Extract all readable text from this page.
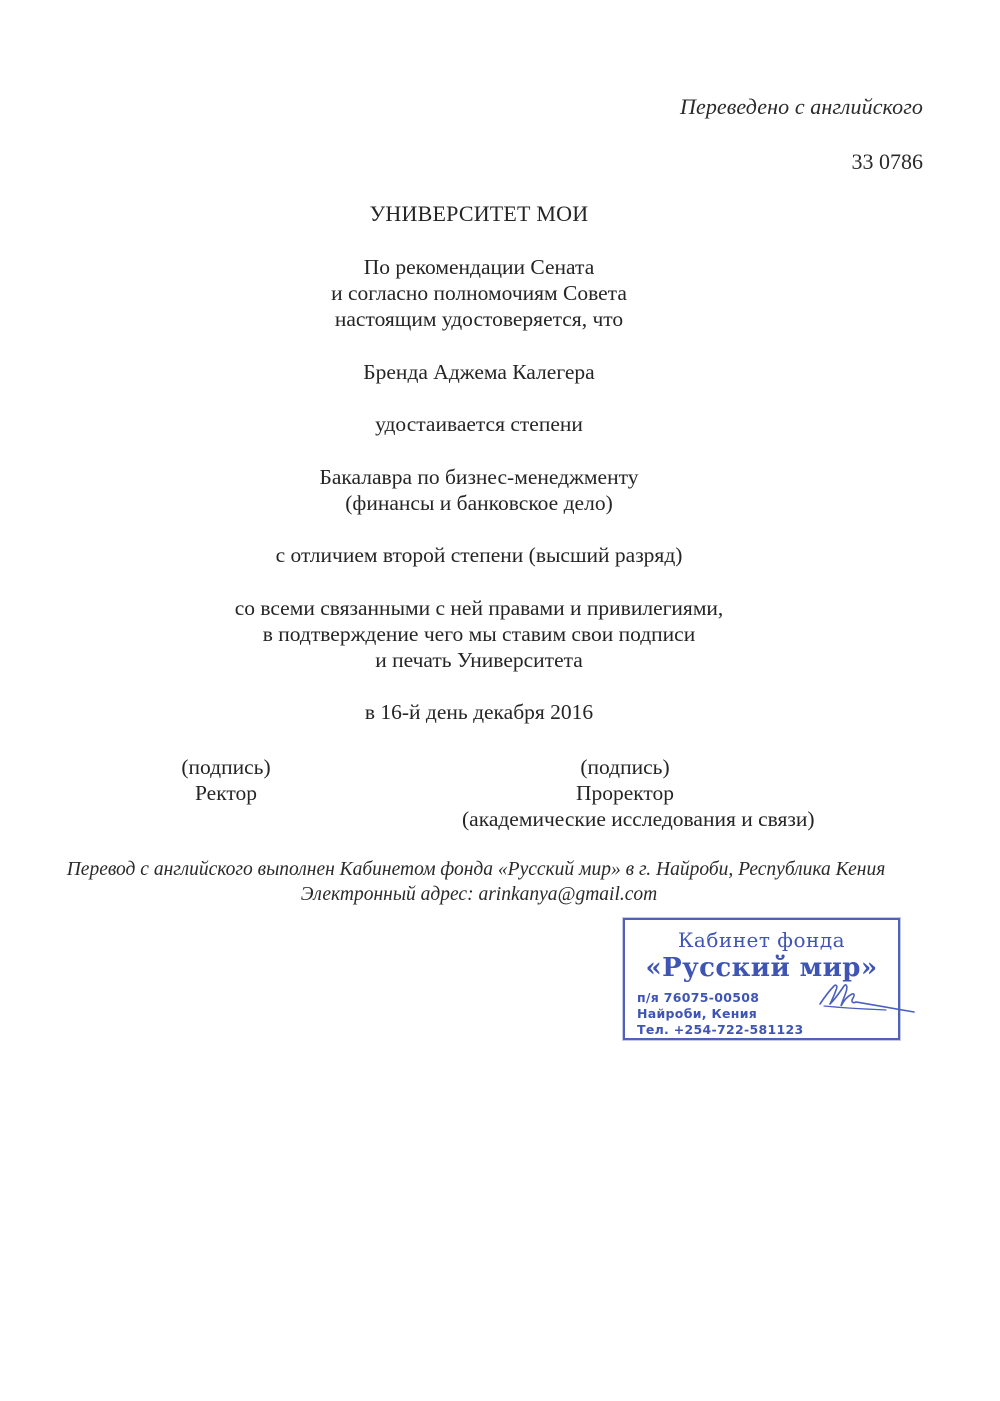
Переведено с английского
33 0786
УНИВЕРСИТЕТ МОИ
По рекомендации Сената
и согласно полномочиям Совета
настоящим удостоверяется, что
Бренда Аджема Калегера
удостаивается степени
Бакалавра по бизнес-менеджменту
(финансы и банковское дело)
с отличием второй степени (высший разряд)
со всеми связанными с ней правами и привилегиями,
в подтверждение чего мы ставим свои подписи
и печать Университета
в 16-й день декабря 2016
(подпись)
Ректор
(подпись)
Проректор
(академические исследования и связи)
Перевод с английского выполнен Кабинетом фонда «Русский мир» в г. Найроби, Республика Кения
Электронный адрес: arinkanya@gmail.com
Кабинет фонда
«Русский мир»
п/я 76075-00508
Найроби, Кения
Тел. +254-722-581123
